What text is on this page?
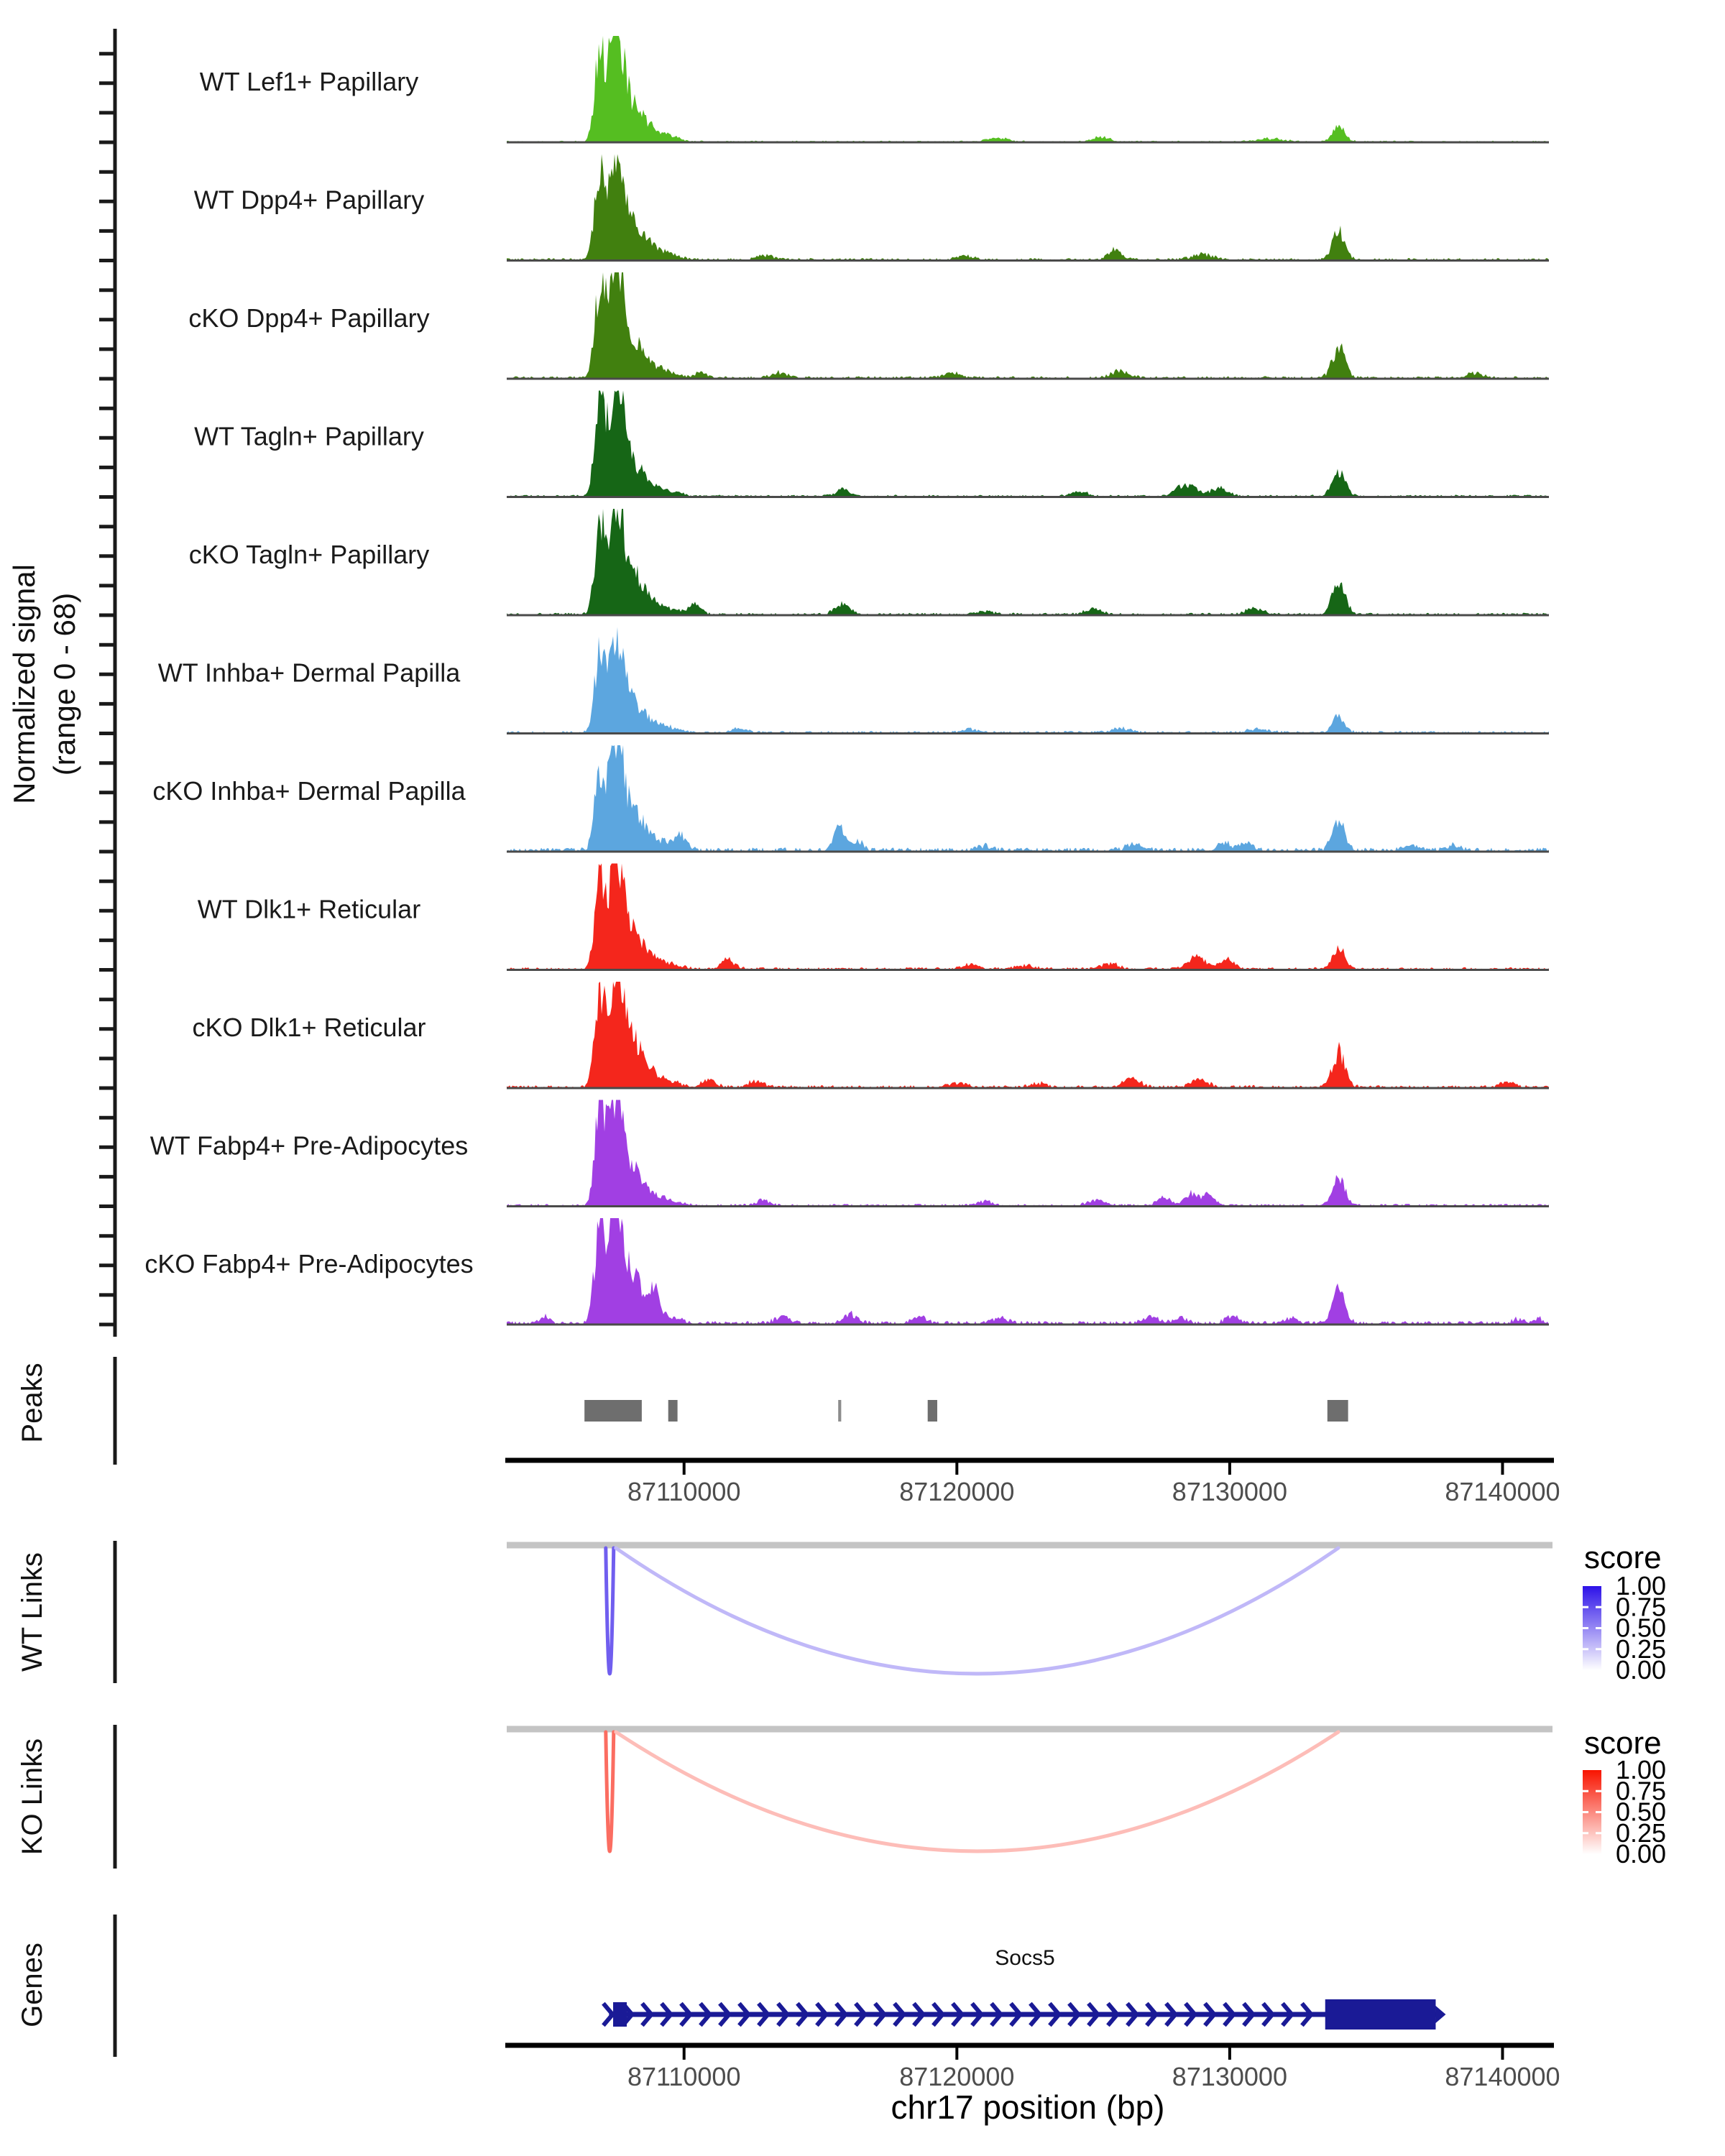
Normalized signal (range 0 - 68)
Peaks
WT Links
KO Links
Genes
WT Lef1+ Papillary
WT Dpp4+ Papillary
cKO Dpp4+ Papillary
WT Tagln+ Papillary
cKO Tagln+ Papillary
WT Inhba+ Dermal Papilla
cKO Inhba+ Dermal Papilla
WT Dlk1+ Reticular
cKO Dlk1+ Reticular
WT Fabp4+ Pre-Adipocytes
cKO Fabp4+ Pre-Adipocytes
87110000	87120000	87130000	87140000
1.00
0.75
0.50
0.25
0.00
1.00
0.75
0.50
0.25
0.00
87110000	87120000	87130000	87140000
score
score
Socs5
chr17 position (bp)
